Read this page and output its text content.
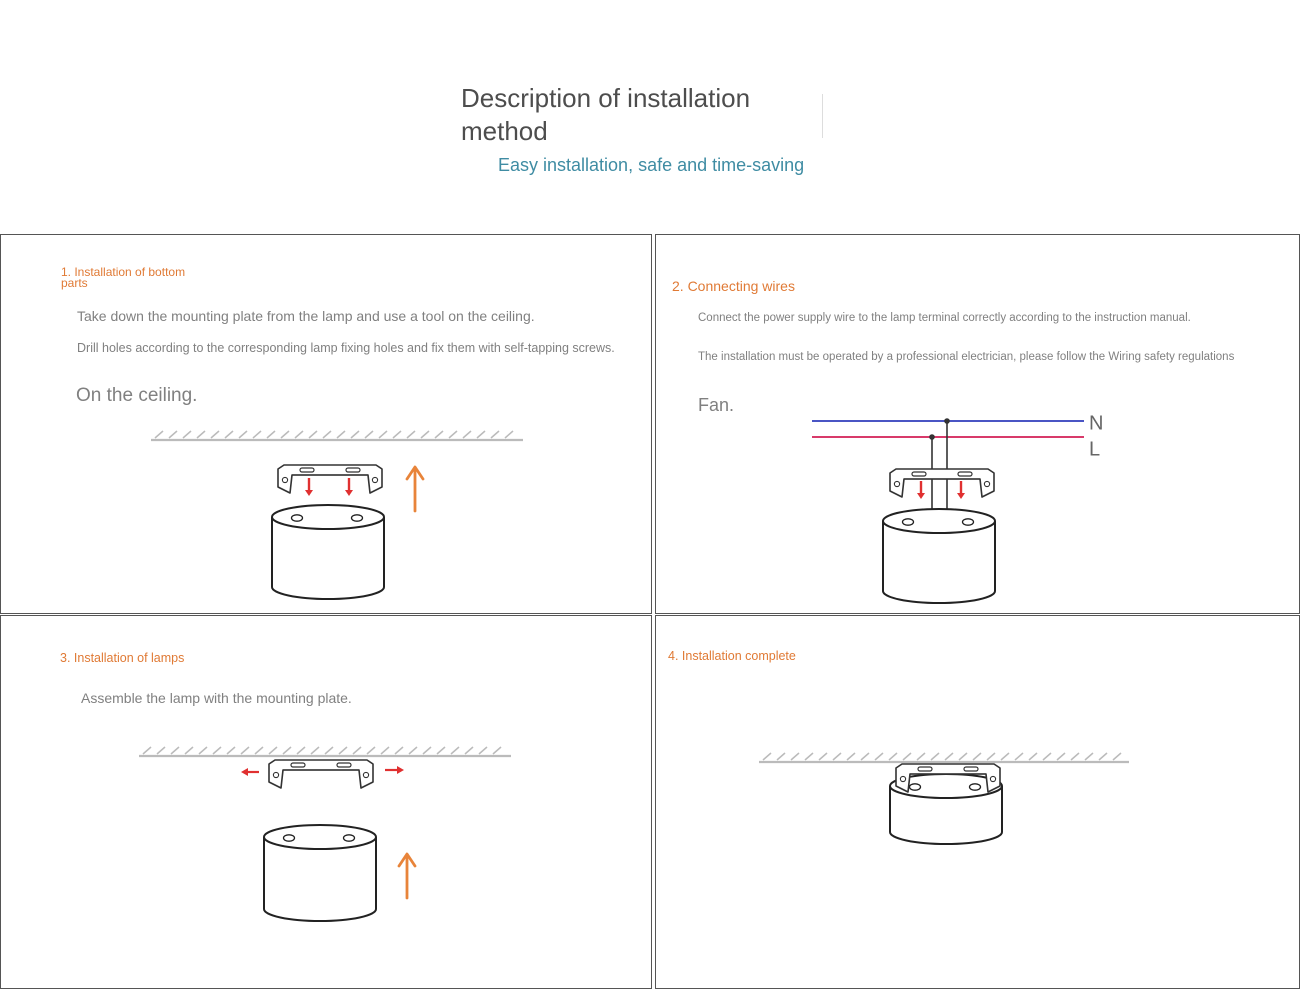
Description of installation method
Easy installation, safe and time-saving
1. Installation of bottom parts
Take down the mounting plate from the lamp and use a tool on the ceiling.
Drill holes according to the corresponding lamp fixing holes and fix them with self-tapping screws.
On the ceiling.
2. Connecting wires
Connect the power supply wire to the lamp terminal correctly according to the instruction manual.
The installation must be operated by a professional electrician, please follow the Wiring safety regulations
Fan.
N
L
3. Installation of lamps
Assemble the lamp with the mounting plate.
4. Installation complete
